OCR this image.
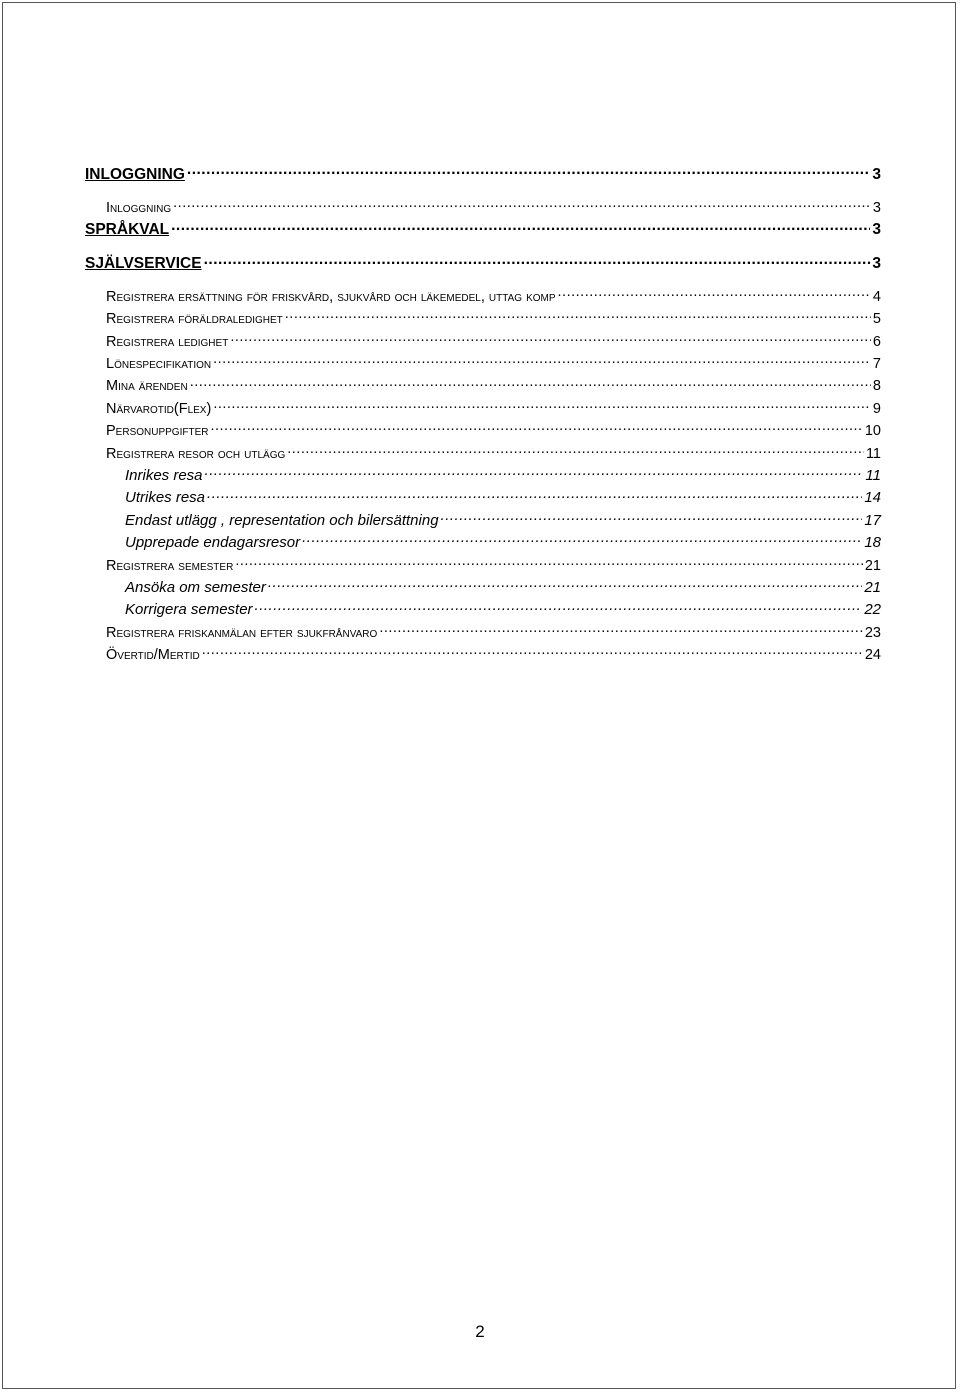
INLOGGNING .....	3
Inloggning .....	3
SPRÅKVAL .....	3
SJÄLVSERVICE .....	3
Registrera ersättning för friskvård, sjukvård och läkemedel, uttag komp .....	4
Registrera föräldraledighet .....	5
Registrera ledighet .....	6
Lönespecifikation .....	7
Mina ärenden .....	8
Närvarotid(Flex) .....	9
Personuppgifter .....	10
Registrera resor och utlägg .....	11
Inrikes resa .....	11
Utrikes resa .....	14
Endast utlägg , representation och bilersättning .....	17
Upprepade endagarsresor .....	18
Registrera semester .....	21
Ansöka om semester .....	21
Korrigera semester .....	22
Registrera friskanmälan efter sjukfrånvaro .....	23
Övertid/Mertid .....	24
2
